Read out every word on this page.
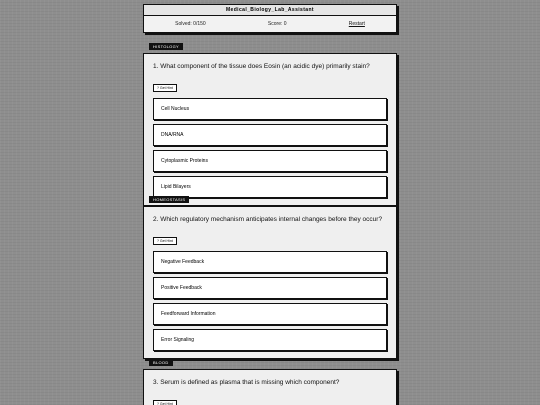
Medical_Biology_Lab_Assistant
Solved: 0/150	Score: 0	Restart
HISTOLOGY

1. What component of the tissue does Eosin (an acidic dye) primarily stain?

? Get Hint
Cell Nucleus
DNA/RNA
Cytoplasmic Proteins
Lipid Bilayers
HOMEOSTASIS

2. Which regulatory mechanism anticipates internal changes before they occur?

? Get Hint
Negative Feedback
Positive Feedback
Feedforward Information
Error Signaling
BLOOD

3. Serum is defined as plasma that is missing which component?

? Get Hint
